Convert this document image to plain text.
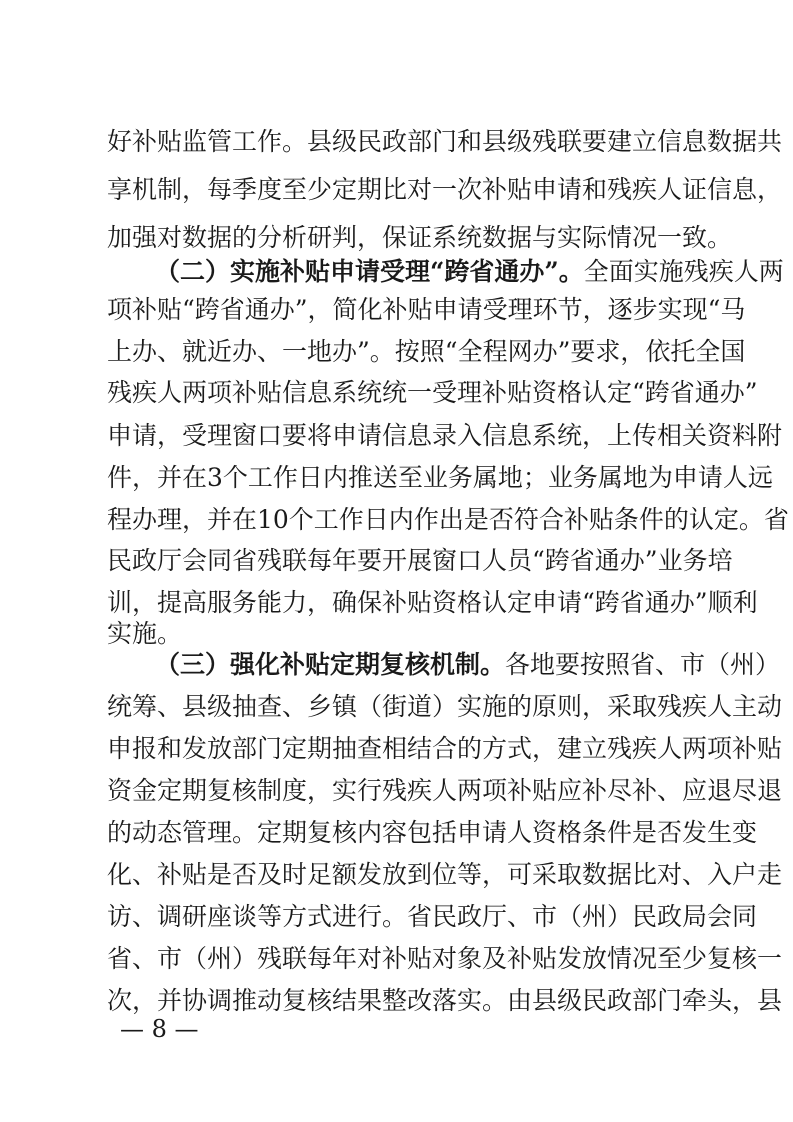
好补贴监管工作。县级民政部门和县级残联要建立信息数据共
享机制，每季度至少定期比对一次补贴申请和残疾人证信息，
加强对数据的分析研判，保证系统数据与实际情况一致。
（二）实施补贴申请受理“跨省通办”。全面实施残疾人两
项补贴“跨省通办”，简化补贴申请受理环节，逐步实现“马
上办、就近办、一地办”。按照“全程网办”要求，依托全国
残疾人两项补贴信息系统统一受理补贴资格认定“跨省通办”
申请，受理窗口要将申请信息录入信息系统，上传相关资料附
件，并在3个工作日内推送至业务属地；业务属地为申请人远
程办理，并在10个工作日内作出是否符合补贴条件的认定。省
民政厅会同省残联每年要开展窗口人员“跨省通办”业务培
训，提高服务能力，确保补贴资格认定申请“跨省通办”顺利
实施。
（三）强化补贴定期复核机制。各地要按照省、市（州）
统筹、县级抽查、乡镇（街道）实施的原则，采取残疾人主动
申报和发放部门定期抽查相结合的方式，建立残疾人两项补贴
资金定期复核制度，实行残疾人两项补贴应补尽补、应退尽退
的动态管理。定期复核内容包括申请人资格条件是否发生变
化、补贴是否及时足额发放到位等，可采取数据比对、入户走
访、调研座谈等方式进行。省民政厅、市（州）民政局会同
省、市（州）残联每年对补贴对象及补贴发放情况至少复核一
次，并协调推动复核结果整改落实。由县级民政部门牵头，县
— 8 —
